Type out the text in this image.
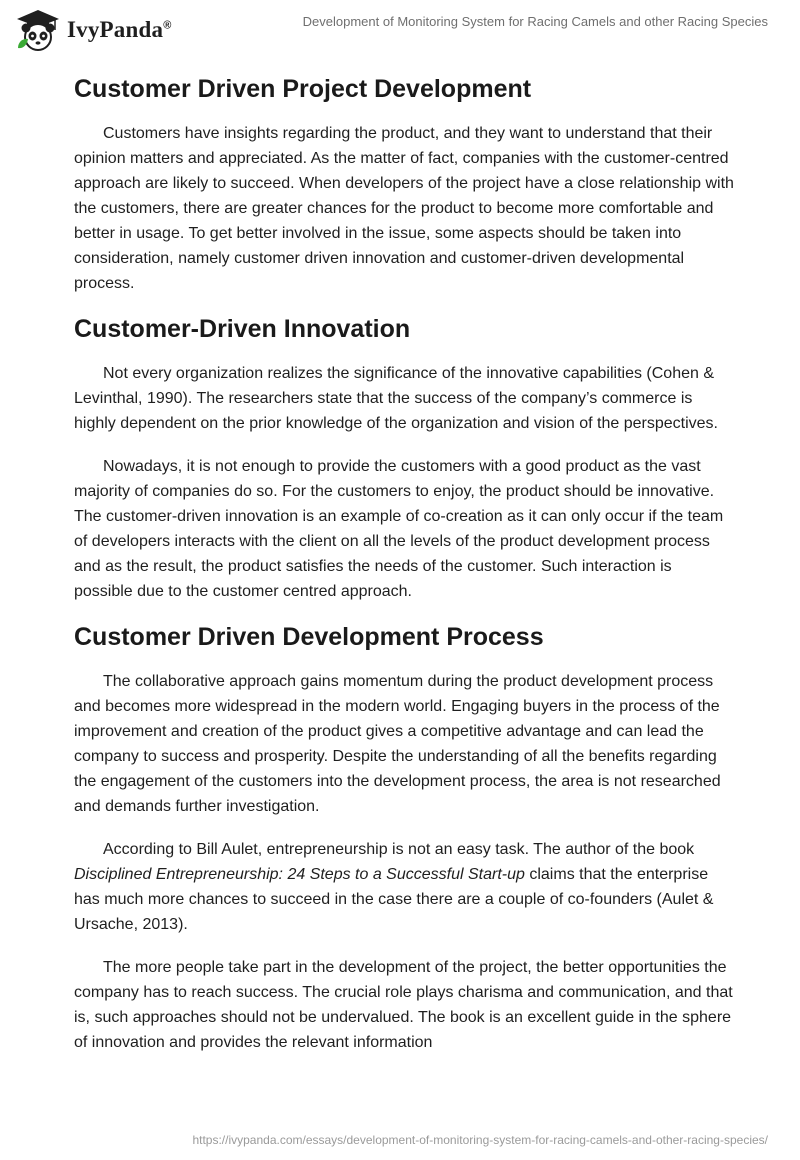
IvyPanda®	Development of Monitoring System for Racing Camels and other Racing Species
Customer Driven Project Development

Customers have insights regarding the product, and they want to understand that their opinion matters and appreciated. As the matter of fact, companies with the customer-centred approach are likely to succeed. When developers of the project have a close relationship with the customers, there are greater chances for the product to become more comfortable and better in usage. To get better involved in the issue, some aspects should be taken into consideration, namely customer driven innovation and customer-driven developmental process.

Customer-Driven Innovation

Not every organization realizes the significance of the innovative capabilities (Cohen & Levinthal, 1990). The researchers state that the success of the company’s commerce is highly dependent on the prior knowledge of the organization and vision of the perspectives.

Nowadays, it is not enough to provide the customers with a good product as the vast majority of companies do so. For the customers to enjoy, the product should be innovative. The customer-driven innovation is an example of co-creation as it can only occur if the team of developers interacts with the client on all the levels of the product development process and as the result, the product satisfies the needs of the customer. Such interaction is possible due to the customer centred approach.

Customer Driven Development Process

The collaborative approach gains momentum during the product development process and becomes more widespread in the modern world. Engaging buyers in the process of the improvement and creation of the product gives a competitive advantage and can lead the company to success and prosperity. Despite the understanding of all the benefits regarding the engagement of the customers into the development process, the area is not researched and demands further investigation.

According to Bill Aulet, entrepreneurship is not an easy task. The author of the book Disciplined Entrepreneurship: 24 Steps to a Successful Start-up claims that the enterprise has much more chances to succeed in the case there are a couple of co-founders (Aulet & Ursache, 2013).

The more people take part in the development of the project, the better opportunities the company has to reach success. The crucial role plays charisma and communication, and that is, such approaches should not be undervalued. The book is an excellent guide in the sphere of innovation and provides the relevant information

https://ivypanda.com/essays/development-of-monitoring-system-for-racing-camels-and-other-racing-species/
